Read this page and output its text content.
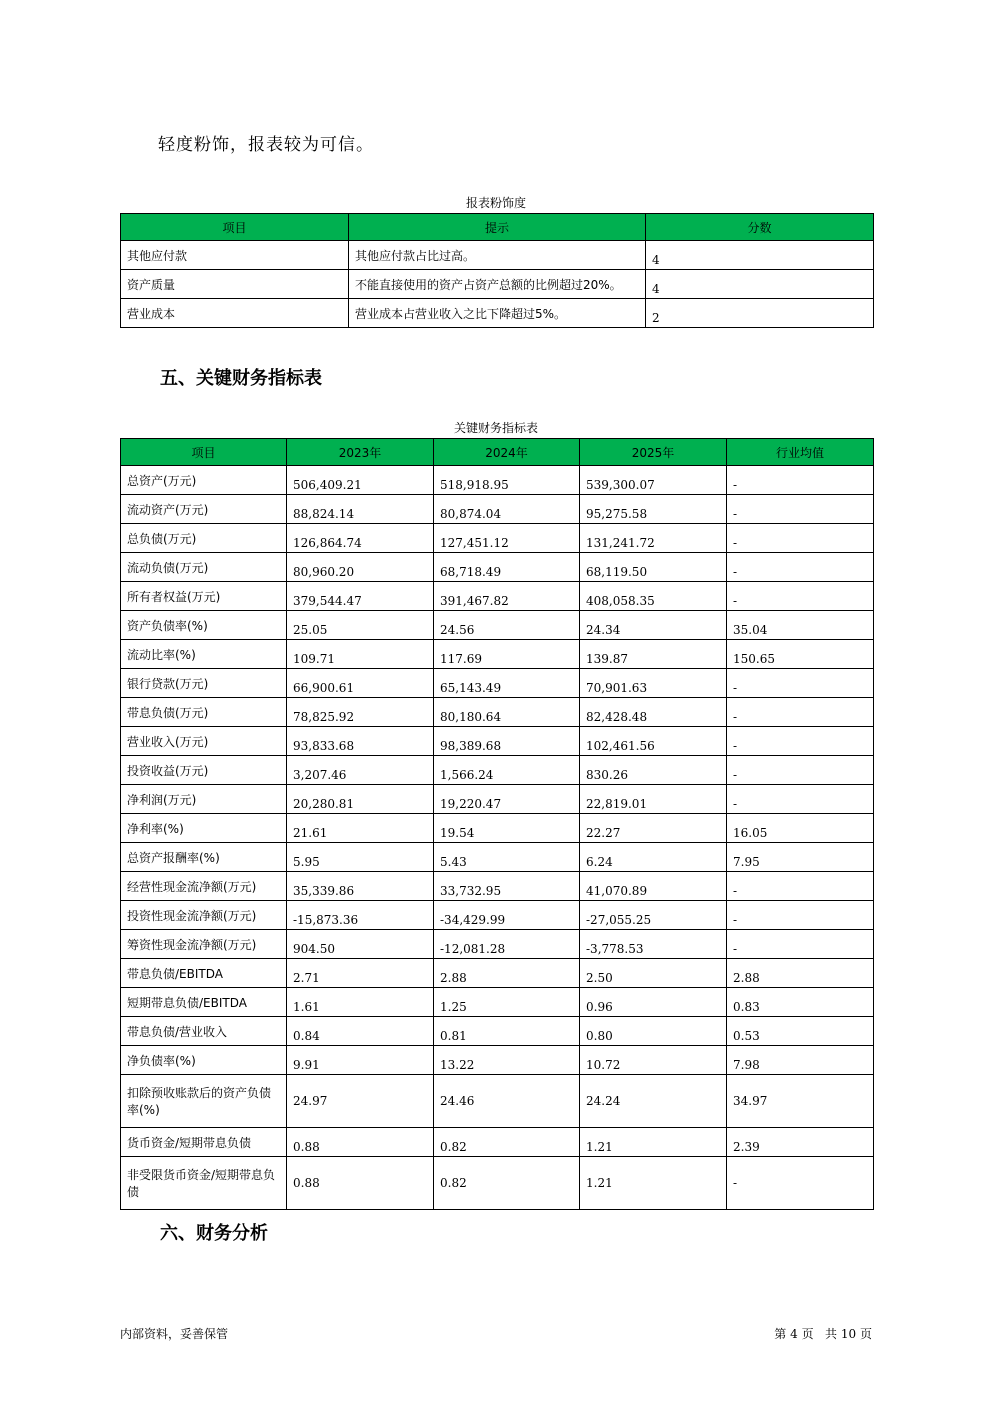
轻度粉饰，报表较为可信。
报表粉饰度
项目	提示	分数
其他应付款	其他应付款占比过高。	4
资产质量	不能直接使用的资产占资产总额的比例超过20%。	4
营业成本	营业成本占营业收入之比下降超过5%。	2
五、关键财务指标表
关键财务指标表
项目	2023年	2024年	2025年	行业均值
总资产(万元)	506,409.21	518,918.95	539,300.07	-
流动资产(万元)	88,824.14	80,874.04	95,275.58	-
总负债(万元)	126,864.74	127,451.12	131,241.72	-
流动负债(万元)	80,960.20	68,718.49	68,119.50	-
所有者权益(万元)	379,544.47	391,467.82	408,058.35	-
资产负债率(%)	25.05	24.56	24.34	35.04
流动比率(%)	109.71	117.69	139.87	150.65
银行贷款(万元)	66,900.61	65,143.49	70,901.63	-
带息负债(万元)	78,825.92	80,180.64	82,428.48	-
营业收入(万元)	93,833.68	98,389.68	102,461.56	-
投资收益(万元)	3,207.46	1,566.24	830.26	-
净利润(万元)	20,280.81	19,220.47	22,819.01	-
净利率(%)	21.61	19.54	22.27	16.05
总资产报酬率(%)	5.95	5.43	6.24	7.95
经营性现金流净额(万元)	35,339.86	33,732.95	41,070.89	-
投资性现金流净额(万元)	-15,873.36	-34,429.99	-27,055.25	-
筹资性现金流净额(万元)	904.50	-12,081.28	-3,778.53	-
带息负债/EBITDA	2.71	2.88	2.50	2.88
短期带息负债/EBITDA	1.61	1.25	0.96	0.83
带息负债/营业收入	0.84	0.81	0.80	0.53
净负债率(%)	9.91	13.22	10.72	7.98
扣除预收账款后的资产负债率(%)	24.97	24.46	24.24	34.97
货币资金/短期带息负债	0.88	0.82	1.21	2.39
非受限货币资金/短期带息负债	0.88	0.82	1.21	-
六、财务分析
内部资料，妥善保管	第 4 页   共 10 页
